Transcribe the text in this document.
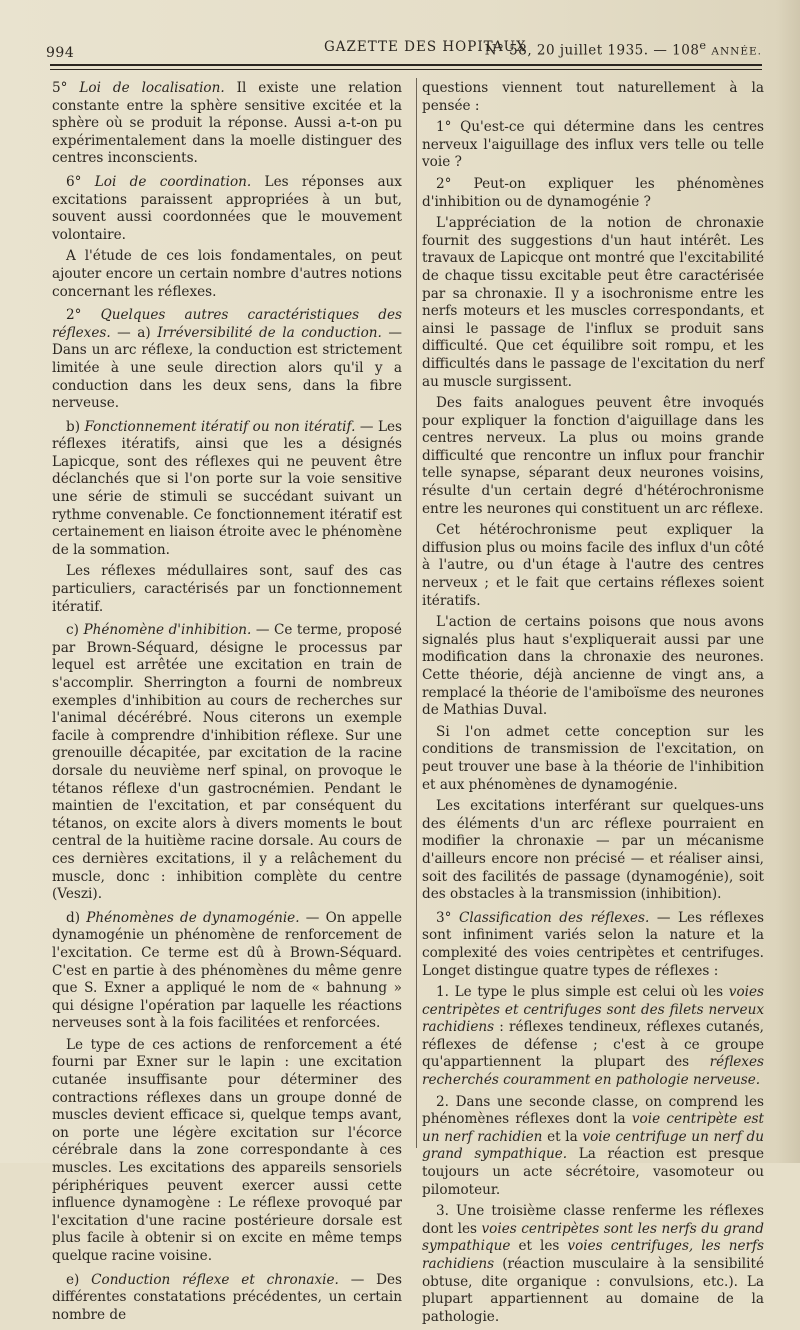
994	GAZETTE DES HOPITAUX
N° 58, 20 juillet 1935. — 108e ANNÉE.

5° Loi de localisation. Il existe une relation constante entre la sphère sensitive excitée et la sphère où se produit la réponse. Aussi a-t-on pu expérimentalement dans la moelle distinguer des centres inconscients.

6° Loi de coordination. Les réponses aux excitations paraissent appropriées à un but, souvent aussi coordonnées que le mouvement volontaire.

A l'étude de ces lois fondamentales, on peut ajouter encore un certain nombre d'autres notions concernant les réflexes.

2° Quelques autres caractéristiques des réflexes. — a) Irréversibilité de la conduction. — Dans un arc réflexe, la conduction est strictement limitée à une seule direction alors qu'il y a conduction dans les deux sens, dans la fibre nerveuse.

b) Fonctionnement itératif ou non itératif. — Les réflexes itératifs, ainsi que les a désignés Lapicque, sont des réflexes qui ne peuvent être déclanchés que si l'on porte sur la voie sensitive une série de stimuli se succédant suivant un rythme convenable. Ce fonctionnement itératif est certainement en liaison étroite avec le phénomène de la sommation.

Les réflexes médullaires sont, sauf des cas particuliers, caractérisés par un fonctionnement itératif.

c) Phénomène d'inhibition. — Ce terme, proposé par Brown-Séquard, désigne le processus par lequel est arrêtée une excitation en train de s'accomplir. Sherrington a fourni de nombreux exemples d'inhibition au cours de recherches sur l'animal décérébré. Nous citerons un exemple facile à comprendre d'inhibition réflexe. Sur une grenouille décapitée, par excitation de la racine dorsale du neuvième nerf spinal, on provoque le tétanos réflexe d'un gastrocnémien. Pendant le maintien de l'excitation, et par conséquent du tétanos, on excite alors à divers moments le bout central de la huitième racine dorsale. Au cours de ces dernières excitations, il y a relâchement du muscle, donc : inhibition complète du centre (Veszi).

d) Phénomènes de dynamogénie. — On appelle dynamogénie un phénomène de renforcement de l'excitation. Ce terme est dû à Brown-Séquard. C'est en partie à des phénomènes du même genre que S. Exner a appliqué le nom de « bahnung » qui désigne l'opération par laquelle les réactions nerveuses sont à la fois facilitées et renforcées.

Le type de ces actions de renforcement a été fourni par Exner sur le lapin : une excitation cutanée insuffisante pour déterminer des contractions réflexes dans un groupe donné de muscles devient efficace si, quelque temps avant, on porte une légère excitation sur l'écorce cérébrale dans la zone correspondante à ces muscles. Les excitations des appareils sensoriels périphériques peuvent exercer aussi cette influence dynamogène : Le réflexe provoqué par l'excitation d'une racine postérieure dorsale est plus facile à obtenir si on excite en même temps quelque racine voisine.

e) Conduction réflexe et chronaxie. — Des différentes constatations précédentes, un certain nombre de

questions viennent tout naturellement à la pensée :

1° Qu'est-ce qui détermine dans les centres nerveux l'aiguillage des influx vers telle ou telle voie ?

2° Peut-on expliquer les phénomènes d'inhibition ou de dynamogénie ?

L'appréciation de la notion de chronaxie fournit des suggestions d'un haut intérêt. Les travaux de Lapicque ont montré que l'excitabilité de chaque tissu excitable peut être caractérisée par sa chronaxie. Il y a isochronisme entre les nerfs moteurs et les muscles correspondants, et ainsi le passage de l'influx se produit sans difficulté. Que cet équilibre soit rompu, et les difficultés dans le passage de l'excitation du nerf au muscle surgissent.

Des faits analogues peuvent être invoqués pour expliquer la fonction d'aiguillage dans les centres nerveux. La plus ou moins grande difficulté que rencontre un influx pour franchir telle synapse, séparant deux neurones voisins, résulte d'un certain degré d'hétérochronisme entre les neurones qui constituent un arc réflexe.

Cet hétérochronisme peut expliquer la diffusion plus ou moins facile des influx d'un côté à l'autre, ou d'un étage à l'autre des centres nerveux ; et le fait que certains réflexes soient itératifs.

L'action de certains poisons que nous avons signalés plus haut s'expliquerait aussi par une modification dans la chronaxie des neurones. Cette théorie, déjà ancienne de vingt ans, a remplacé la théorie de l'amiboïsme des neurones de Mathias Duval.

Si l'on admet cette conception sur les conditions de transmission de l'excitation, on peut trouver une base à la théorie de l'inhibition et aux phénomènes de dynamogénie.

Les excitations interférant sur quelques-uns des éléments d'un arc réflexe pourraient en modifier la chronaxie — par un mécanisme d'ailleurs encore non précisé — et réaliser ainsi, soit des facilités de passage (dynamogénie), soit des obstacles à la transmission (inhibition).

3° Classification des réflexes. — Les réflexes sont infiniment variés selon la nature et la complexité des voies centripètes et centrifuges. Longet distingue quatre types de réflexes :

1. Le type le plus simple est celui où les voies centripètes et centrifuges sont des filets nerveux rachidiens : réflexes tendineux, réflexes cutanés, réflexes de défense ; c'est à ce groupe qu'appartiennent la plupart des réflexes recherchés couramment en pathologie nerveuse.

2. Dans une seconde classe, on comprend les phénomènes réflexes dont la voie centripète est un nerf rachidien et la voie centrifuge un nerf du grand sympathique. La réaction est presque toujours un acte sécrétoire, vasomoteur ou pilomoteur.

3. Une troisième classe renferme les réflexes dont les voies centripètes sont les nerfs du grand sympathique et les voies centrifuges, les nerfs rachidiens (réaction musculaire à la sensibilité obtuse, dite organique : convulsions, etc.). La plupart appartiennent au domaine de la pathologie.
